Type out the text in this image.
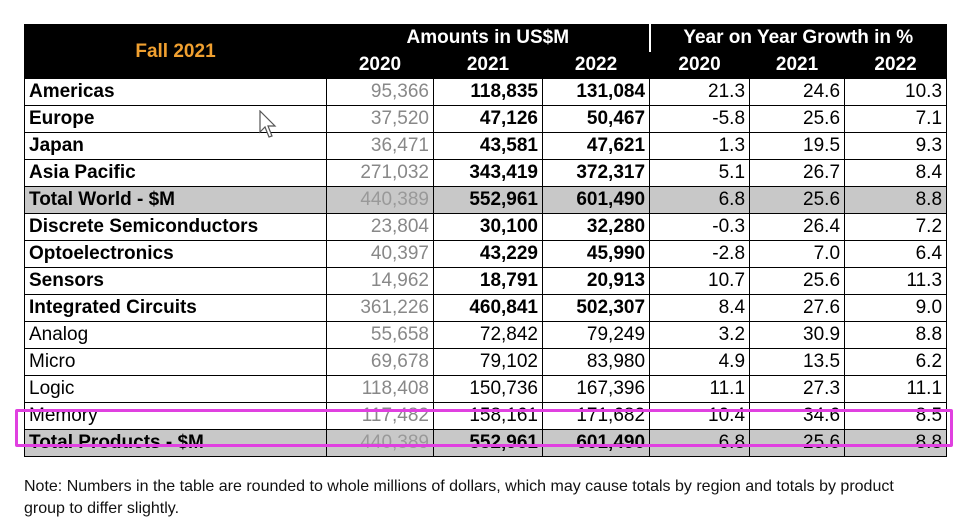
Fall 2021	Amounts in US$M			Year on Year Growth in %		
	2020	2021	2022	2020	2021	2022
Americas	95,366	118,835	131,084	21.3	24.6	10.3
Europe	37,520	47,126	50,467	-5.8	25.6	7.1
Japan	36,471	43,581	47,621	1.3	19.5	9.3
Asia Pacific	271,032	343,419	372,317	5.1	26.7	8.4
Total World - $M	440,389	552,961	601,490	6.8	25.6	8.8
Discrete Semiconductors	23,804	30,100	32,280	-0.3	26.4	7.2
Optoelectronics	40,397	43,229	45,990	-2.8	7.0	6.4
Sensors	14,962	18,791	20,913	10.7	25.6	11.3
Integrated Circuits	361,226	460,841	502,307	8.4	27.6	9.0
Analog	55,658	72,842	79,249	3.2	30.9	8.8
Micro	69,678	79,102	83,980	4.9	13.5	6.2
Logic	118,408	150,736	167,396	11.1	27.3	11.1
Memory	117,482	158,161	171,682	10.4	34.6	8.5
Total Products - $M	440,389	552,961	601,490	6.8	25.6	8.8
Note: Numbers in the table are rounded to whole millions of dollars, which may cause totals by region and totals by product group to differ slightly.
